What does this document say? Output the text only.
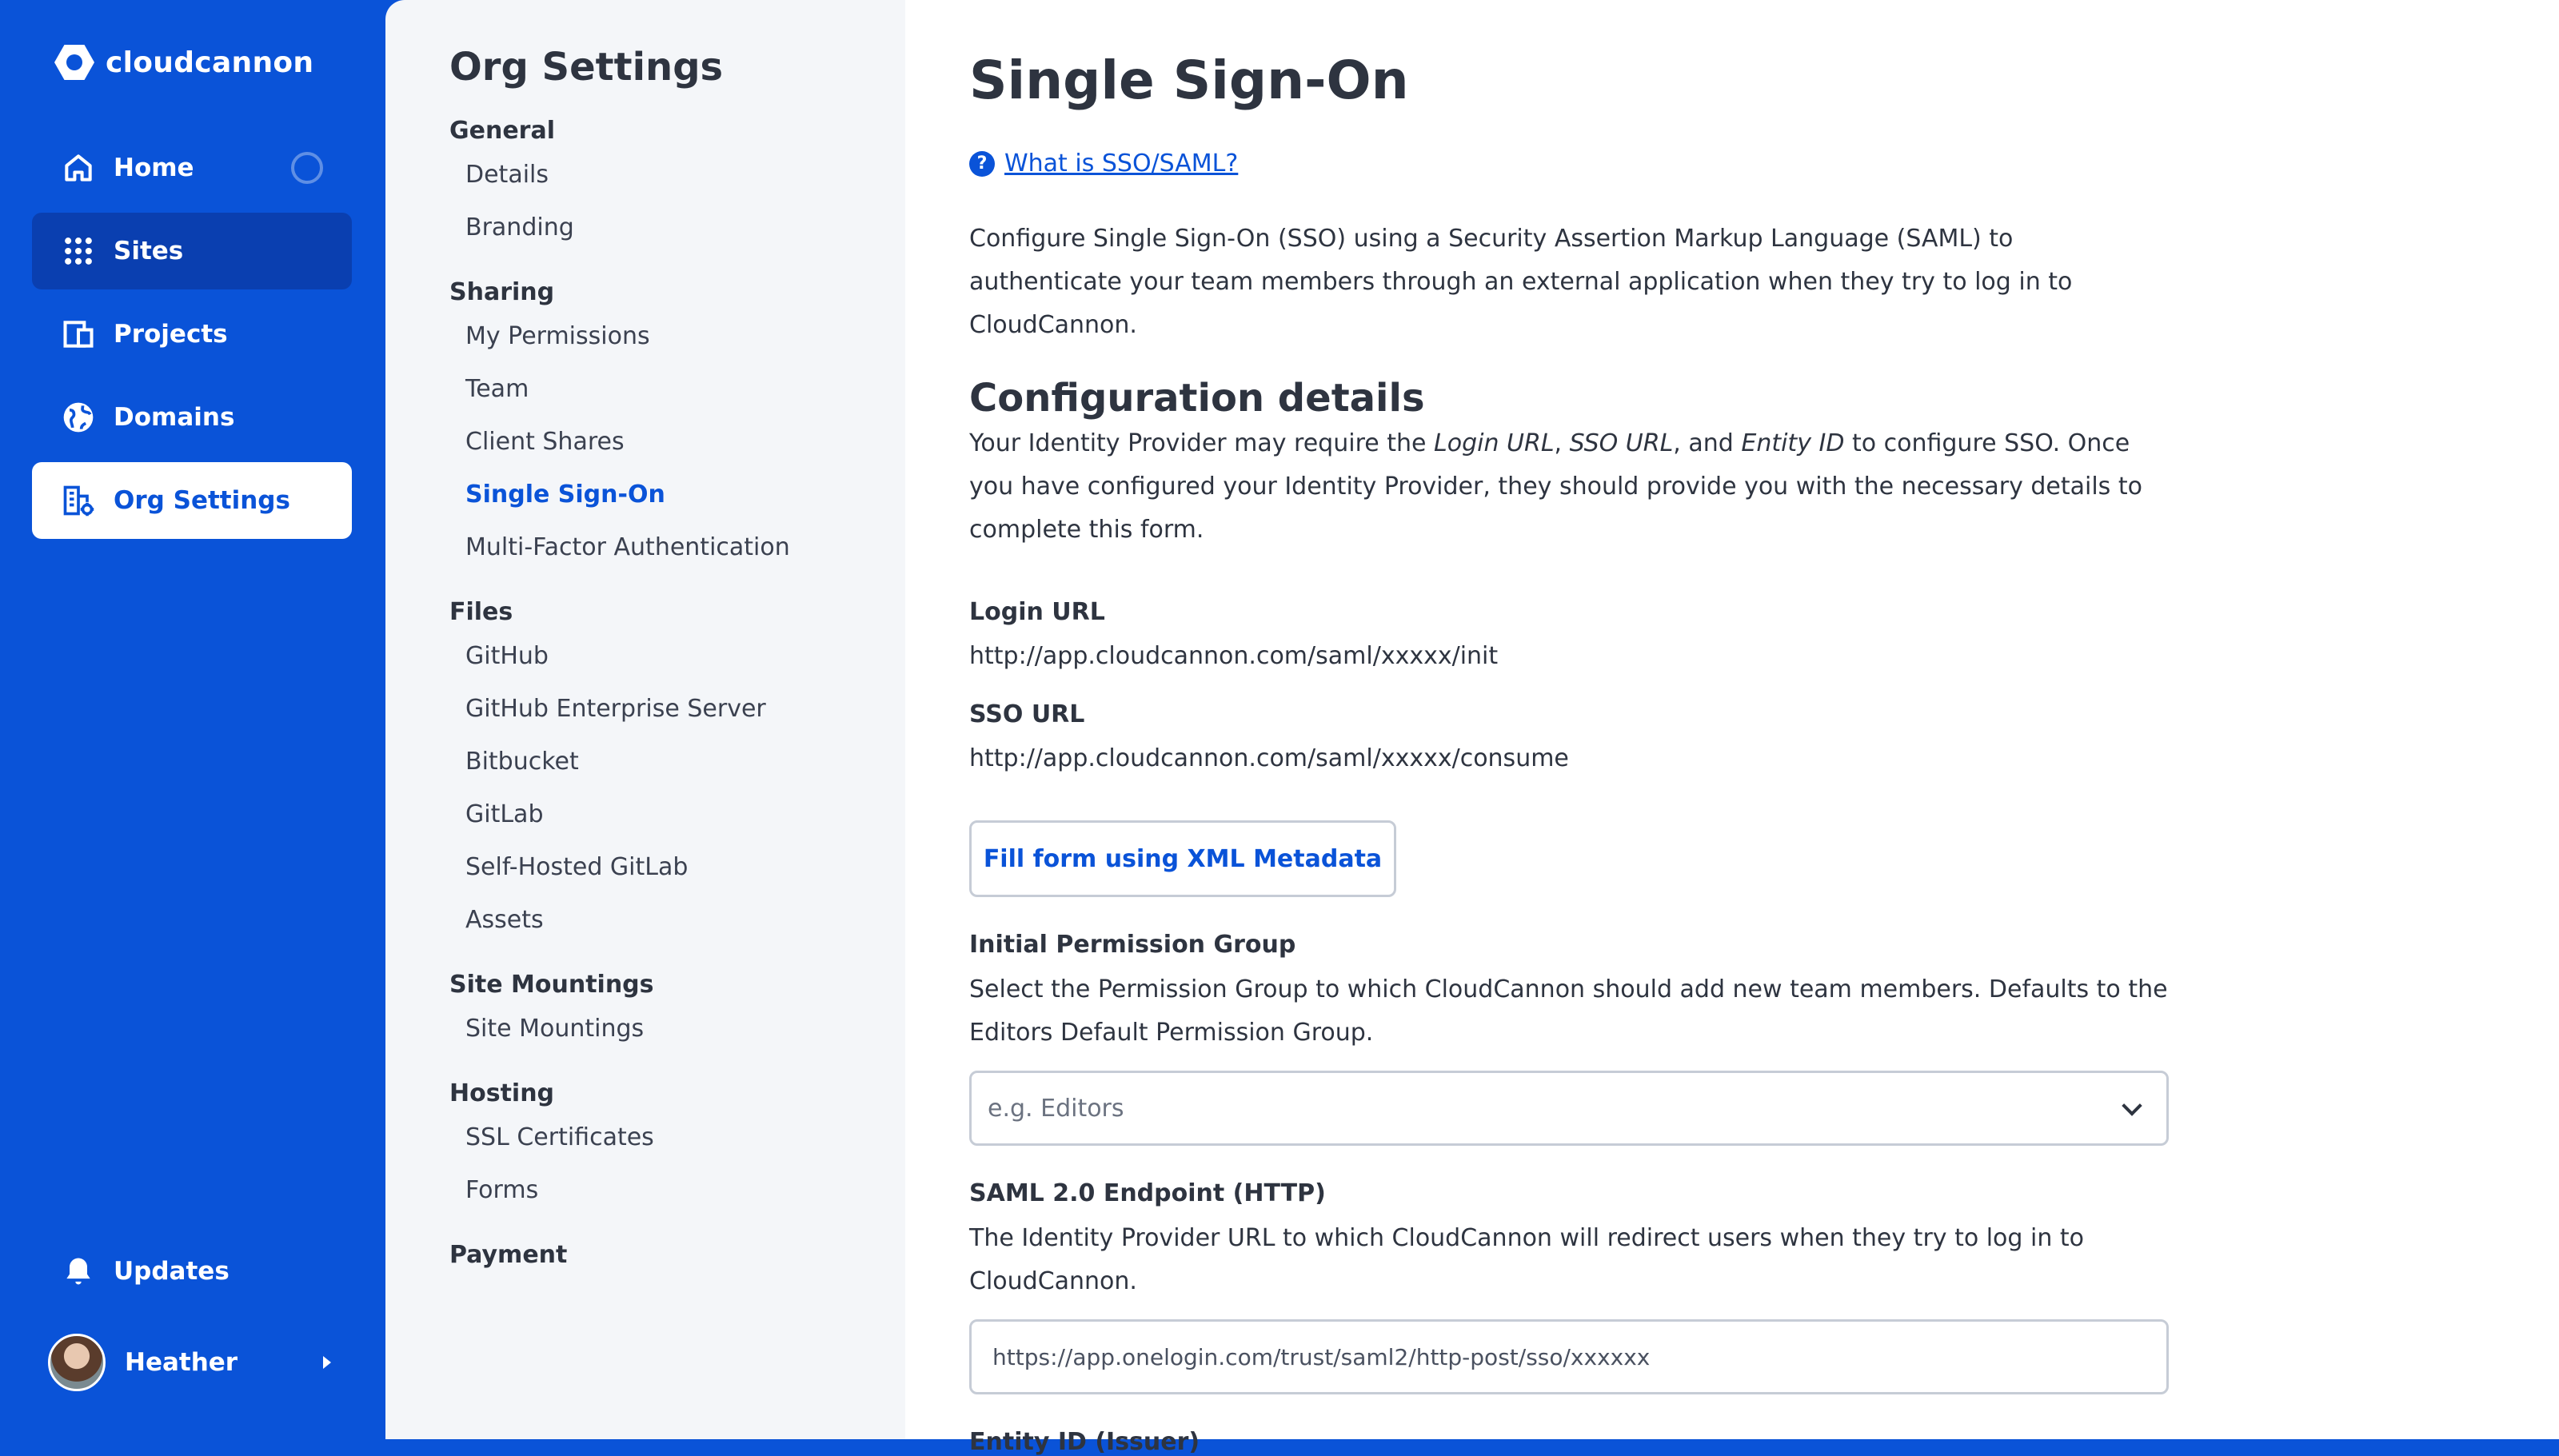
cloudcannon
Home
Sites
Projects
Domains
Org Settings
Updates
Heather
Org Settings
General
Details
Branding
Sharing
My Permissions
Team
Client Shares
Single Sign-On
Multi-Factor Authentication
Files
GitHub
GitHub Enterprise Server
Bitbucket
GitLab
Self-Hosted GitLab
Assets
Site Mountings
Site Mountings
Hosting
SSL Certificates
Forms
Payment
Single Sign-On
? What is SSO/SAML?

Configure Single Sign-On (SSO) using a Security Assertion Markup Language (SAML) to authenticate your team members through an external application when they try to log in to CloudCannon.

Configuration details

Your Identity Provider may require the Login URL, SSO URL, and Entity ID to configure SSO. Once you have configured your Identity Provider, they should provide you with the necessary details to complete this form.

Login URL
http://app.cloudcannon.com/saml/xxxxx/init
SSO URL
http://app.cloudcannon.com/saml/xxxxx/consume
Fill form using XML Metadata
Initial Permission Group

Select the Permission Group to which CloudCannon should add new team members. Defaults to the Editors Default Permission Group.

e.g. Editors
SAML 2.0 Endpoint (HTTP)

The Identity Provider URL to which CloudCannon will redirect users when they try to log in to CloudCannon.

https://app.onelogin.com/trust/saml2/http-post/sso/xxxxxx
Entity ID (Issuer)
